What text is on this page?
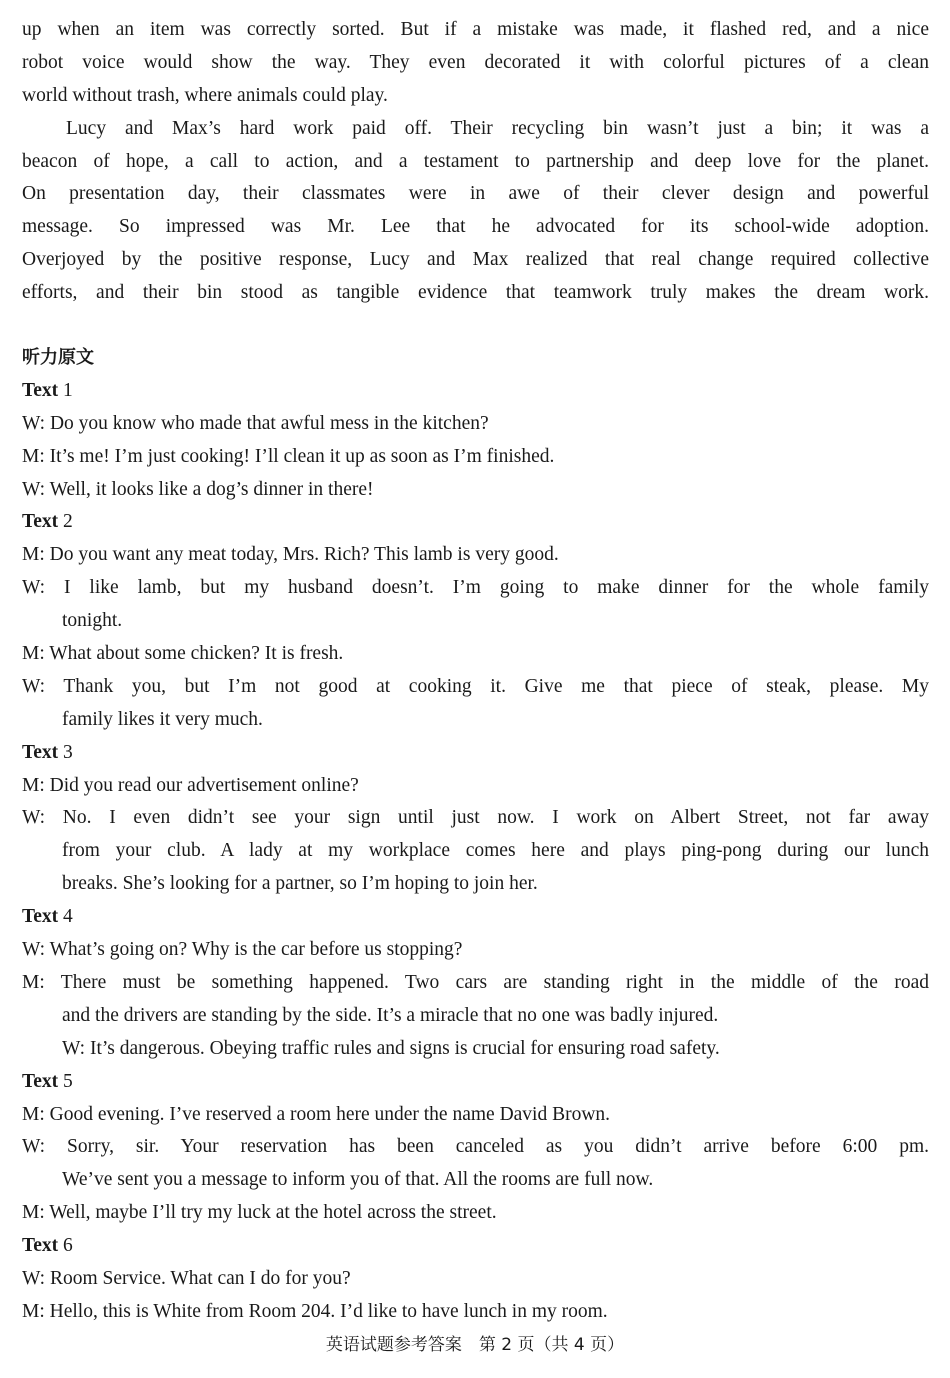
up when an item was correctly sorted. But if a mistake was made, it flashed red, and a nice
robot voice would show the way. They even decorated it with colorful pictures of a clean
world without trash, where animals could play.
Lucy and Max’s hard work paid off. Their recycling bin wasn’t just a bin; it was a
beacon of hope, a call to action, and a testament to partnership and deep love for the planet.
On presentation day, their classmates were in awe of their clever design and powerful
message. So impressed was Mr. Lee that he advocated for its school-wide adoption.
Overjoyed by the positive response, Lucy and Max realized that real change required collective
efforts, and their bin stood as tangible evidence that teamwork truly makes the dream work.
听力原文
Text 1
W: Do you know who made that awful mess in the kitchen?
M: It’s me! I’m just cooking! I’ll clean it up as soon as I’m finished.
W: Well, it looks like a dog’s dinner in there!
Text 2
M: Do you want any meat today, Mrs. Rich? This lamb is very good.
W: I like lamb, but my husband doesn’t. I’m going to make dinner for the whole family
tonight.
M: What about some chicken? It is fresh.
W: Thank you, but I’m not good at cooking it. Give me that piece of steak, please. My
family likes it very much.
Text 3
M: Did you read our advertisement online?
W: No. I even didn’t see your sign until just now. I work on Albert Street, not far away
from your club. A lady at my workplace comes here and plays ping-pong during our lunch
breaks. She’s looking for a partner, so I’m hoping to join her.
Text 4
W: What’s going on? Why is the car before us stopping?
M: There must be something happened. Two cars are standing right in the middle of the road
and the drivers are standing by the side. It’s a miracle that no one was badly injured.
W: It’s dangerous. Obeying traffic rules and signs is crucial for ensuring road safety.
Text 5
M: Good evening. I’ve reserved a room here under the name David Brown.
W: Sorry, sir. Your reservation has been canceled as you didn’t arrive before 6:00 pm.
We’ve sent you a message to inform you of that. All the rooms are full now.
M: Well, maybe I’ll try my luck at the hotel across the street.
Text 6
W: Room Service. What can I do for you?
M: Hello, this is White from Room 204. I’d like to have lunch in my room.
英语试题参考答案　第 2 页（共 4 页）
